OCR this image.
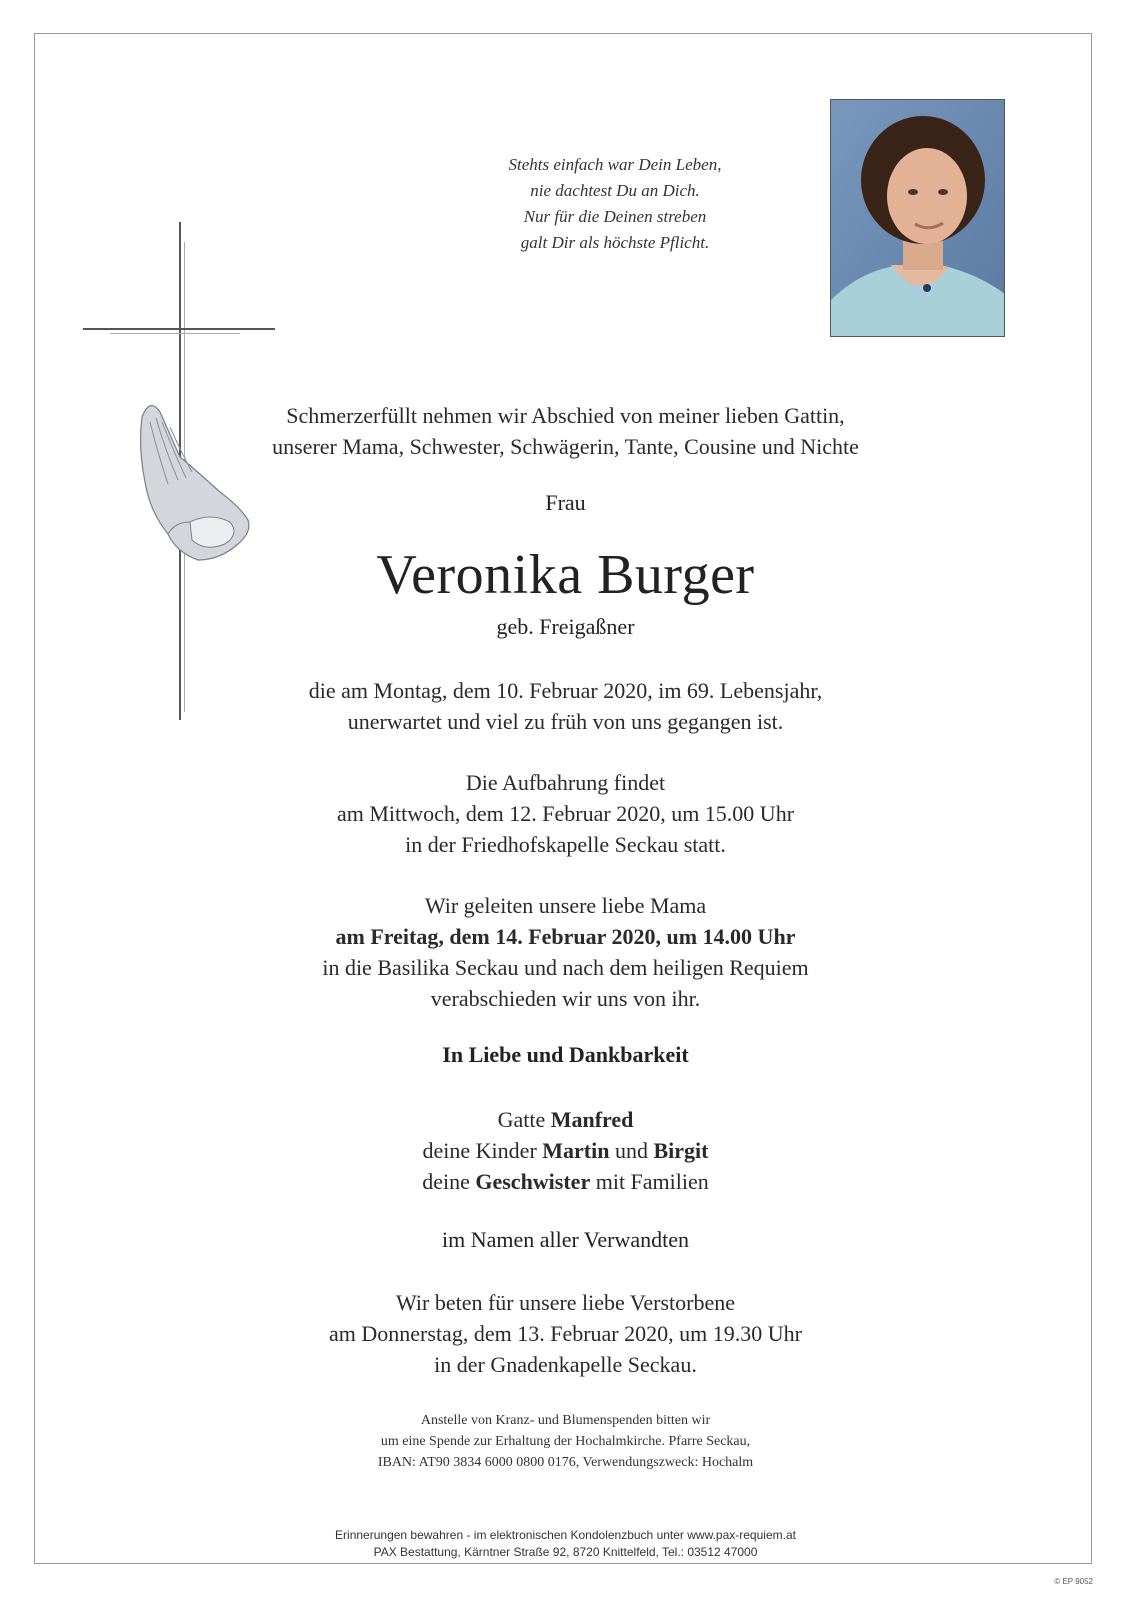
Stehts einfach war Dein Leben,
nie dachtest Du an Dich.
Nur für die Deinen streben
galt Dir als höchste Pflicht.
Schmerzerfüllt nehmen wir Abschied von meiner lieben Gattin,
unserer Mama, Schwester, Schwägerin, Tante, Cousine und Nichte
Frau
Veronika Burger
geb. Freigaßner
die am Montag, dem 10. Februar 2020, im 69. Lebensjahr,
unerwartet und viel zu früh von uns gegangen ist.
Die Aufbahrung findet
am Mittwoch, dem 12. Februar 2020, um 15.00 Uhr
in der Friedhofskapelle Seckau statt.
Wir geleiten unsere liebe Mama
am Freitag, dem 14. Februar 2020, um 14.00 Uhr
in die Basilika Seckau und nach dem heiligen Requiem
verabschieden wir uns von ihr.
In Liebe und Dankbarkeit
Gatte Manfred
deine Kinder Martin und Birgit
deine Geschwister mit Familien
im Namen aller Verwandten
Wir beten für unsere liebe Verstorbene
am Donnerstag, dem 13. Februar 2020, um 19.30 Uhr
in der Gnadenkapelle Seckau.
Anstelle von Kranz- und Blumenspenden bitten wir
um eine Spende zur Erhaltung der Hochalmkirche. Pfarre Seckau,
IBAN: AT90 3834 6000 0800 0176, Verwendungszweck: Hochalm
Erinnerungen bewahren - im elektronischen Kondolenzbuch unter www.pax-requiem.at
PAX Bestattung, Kärntner Straße 92, 8720 Knittelfeld, Tel.: 03512 47000
© EP 9052
